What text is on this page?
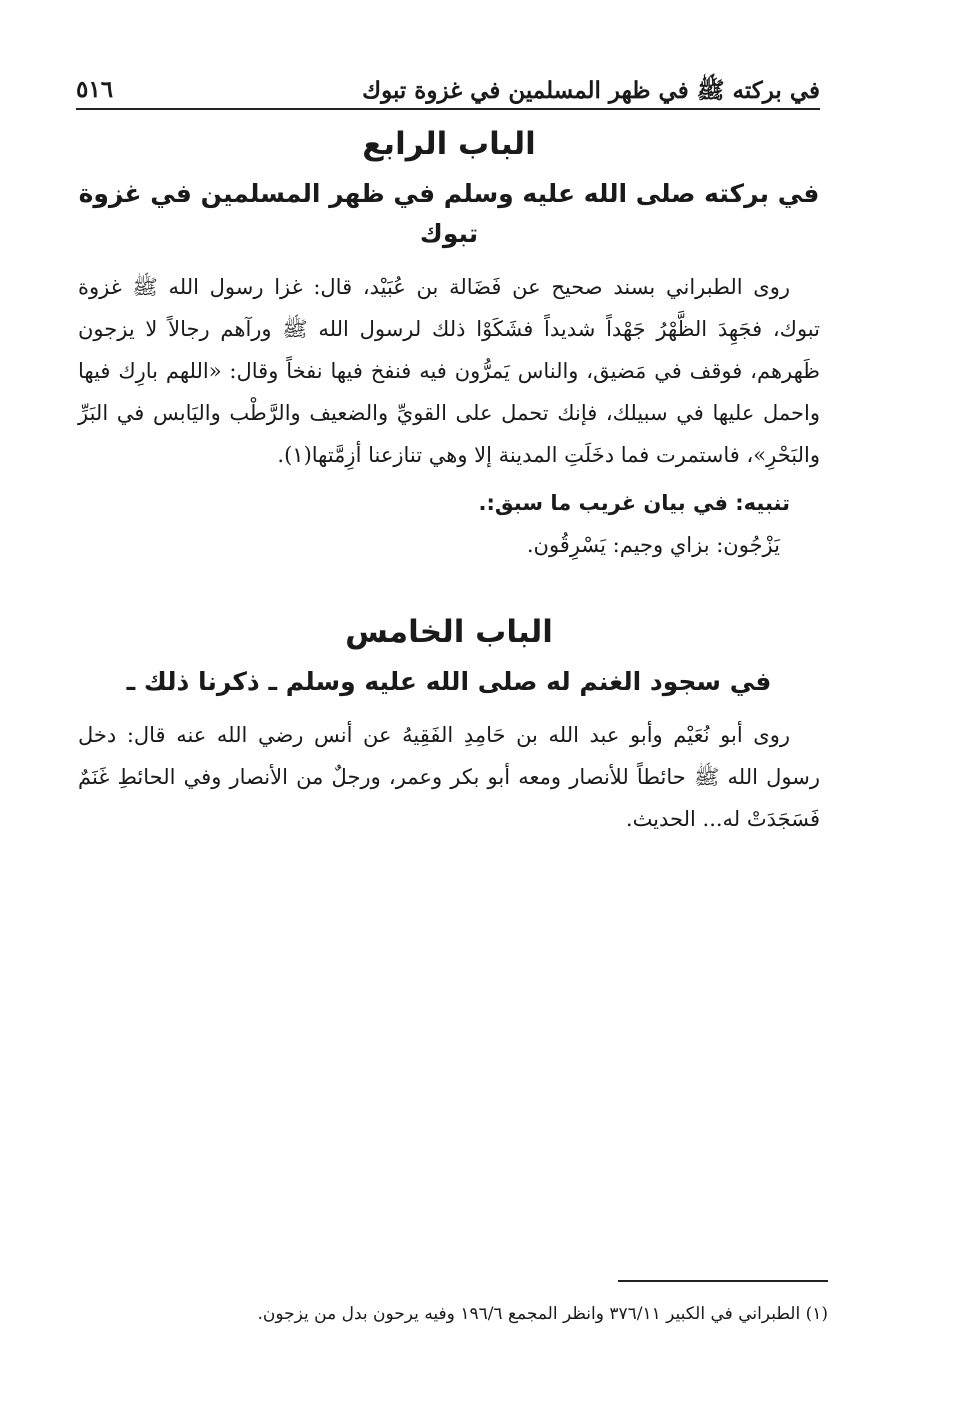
في بركته ﷺ في ظهر المسلمين في غزوة تبوك
٥١٦
الباب الرابع
في بركته صلى الله عليه وسلم في ظهر المسلمين في غزوة تبوك

روى الطبراني بسند صحيح عن فَضَالة بن عُبَيْد، قال: غزا رسول الله ﷺ غزوة تبوك، فجَهِدَ الظَّهْرُ جَهْداً شديداً فشَكَوْا ذلك لرسول الله ﷺ ورآهم رجالاً لا يزجون ظَهرهم، فوقف في مَضيق، والناس يَمرُّون فيه فنفخ فيها نفخاً وقال: «اللهم بارِك فيها واحمل عليها في سبيلك، فإنك تحمل على القويِّ والضعيف والرَّطْب واليَابس في البَرِّ والبَحْرِ»، فاستمرت فما دخَلَتِ المدينة إلا وهي تنازعنا أزِمَّتها(١).

تنبيه: في بيان غريب ما سبق:.

يَزْجُون: بزاي وجيم: يَسْرِقُون.

الباب الخامس
في سجود الغنم له صلى الله عليه وسلم ـ ذكرنا ذلك ـ

روى أبو نُعَيْم وأبو عبد الله بن حَامِدِ الفَقِيهُ عن أنس رضي الله عنه قال: دخل رسول الله ﷺ حائطاً للأنصار ومعه أبو بكر وعمر، ورجلٌ من الأنصار وفي الحائطِ غَنَمٌ فَسَجَدَتْ له... الحديث.

(١) الطبراني في الكبير ٣٧٦/١١ وانظر المجمع ١٩٦/٦ وفيه يرحون بدل من يزجون.
